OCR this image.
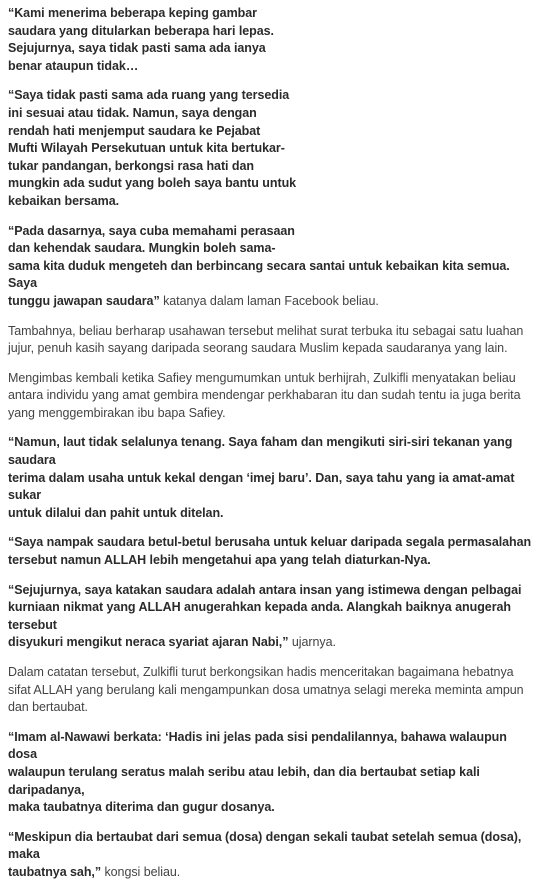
“Kami menerima beberapa keping gambar
saudara yang ditularkan beberapa hari lepas.
Sejujurnya, saya tidak pasti sama ada ianya
benar ataupun tidak…

“Saya tidak pasti sama ada ruang yang tersedia
ini sesuai atau tidak. Namun, saya dengan
rendah hati menjemput saudara ke Pejabat
Mufti Wilayah Persekutuan untuk kita bertukar-
tukar pandangan, berkongsi rasa hati dan
mungkin ada sudut yang boleh saya bantu untuk
kebaikan bersama.

“Pada dasarnya, saya cuba memahami perasaan
dan kehendak saudara. Mungkin boleh sama-
sama kita duduk mengeteh dan berbincang secara santai untuk kebaikan kita semua. Saya
tunggu jawapan saudara” katanya dalam laman Facebook beliau.

Tambahnya, beliau berharap usahawan tersebut melihat surat terbuka itu sebagai satu luahan
jujur, penuh kasih sayang daripada seorang saudara Muslim kepada saudaranya yang lain.

Mengimbas kembali ketika Safiey mengumumkan untuk berhijrah, Zulkifli menyatakan beliau
antara individu yang amat gembira mendengar perkhabaran itu dan sudah tentu ia juga berita
yang menggembirakan ibu bapa Safiey.

“Namun, laut tidak selalunya tenang. Saya faham dan mengikuti siri-siri tekanan yang saudara
terima dalam usaha untuk kekal dengan ‘imej baru’. Dan, saya tahu yang ia amat-amat sukar
untuk dilalui dan pahit untuk ditelan.

“Saya nampak saudara betul-betul berusaha untuk keluar daripada segala permasalahan
tersebut namun ALLAH lebih mengetahui apa yang telah diaturkan-Nya.

“Sejujurnya, saya katakan saudara adalah antara insan yang istimewa dengan pelbagai
kurniaan nikmat yang ALLAH anugerahkan kepada anda. Alangkah baiknya anugerah tersebut
disyukuri mengikut neraca syariat ajaran Nabi,” ujarnya.

Dalam catatan tersebut, Zulkifli turut berkongsikan hadis menceritakan bagaimana hebatnya
sifat ALLAH yang berulang kali mengampunkan dosa umatnya selagi mereka meminta ampun
dan bertaubat.

“Imam al-Nawawi berkata: ‘Hadis ini jelas pada sisi pendalilannya, bahawa walaupun dosa
walaupun terulang seratus malah seribu atau lebih, dan dia bertaubat setiap kali daripadanya,
maka taubatnya diterima dan gugur dosanya.

“Meskipun dia bertaubat dari semua (dosa) dengan sekali taubat setelah semua (dosa), maka
taubatnya sah,” kongsi beliau.
